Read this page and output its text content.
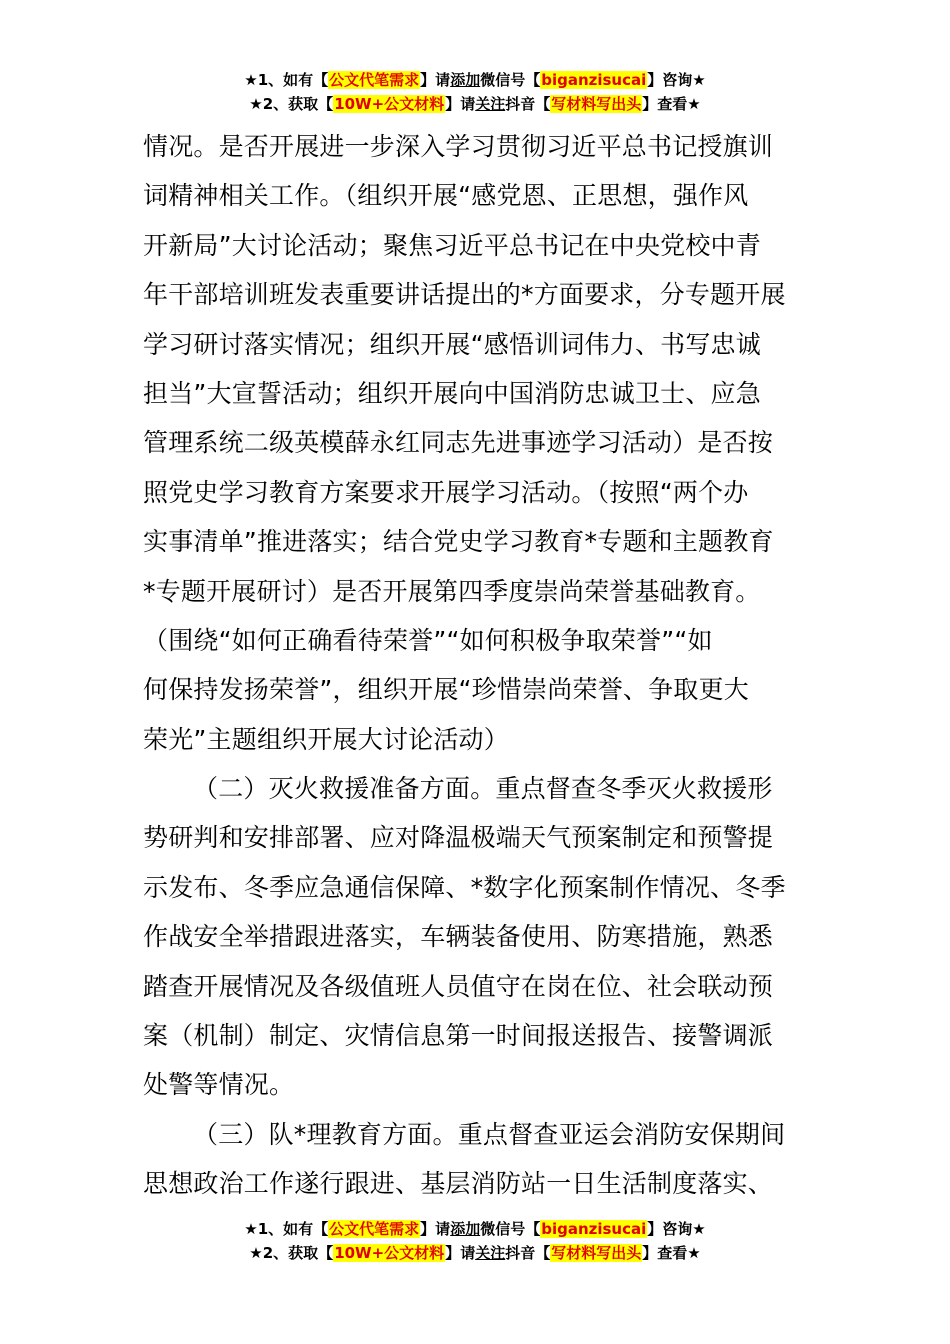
★1、如有【公文代笔需求】请添加微信号【biganzisucai】咨询★
★2、获取【10W+公文材料】请关注抖音【写材料写出头】查看★
情况。是否开展进一步深入学习贯彻习近平总书记授旗训
词精神相关工作。（组织开展“感党恩、正思想，强作风
开新局”大讨论活动；聚焦习近平总书记在中央党校中青
年干部培训班发表重要讲话提出的*方面要求，分专题开展
学习研讨落实情况；组织开展“感悟训词伟力、书写忠诚
担当”大宣誓活动；组织开展向中国消防忠诚卫士、应急
管理系统二级英模薛永红同志先进事迹学习活动）是否按
照党史学习教育方案要求开展学习活动。（按照“两个办
实事清单”推进落实；结合党史学习教育*专题和主题教育
*专题开展研讨）是否开展第四季度崇尚荣誉基础教育。
（围绕“如何正确看待荣誉”“如何积极争取荣誉”“如
何保持发扬荣誉”，组织开展“珍惜崇尚荣誉、争取更大
荣光”主题组织开展大讨论活动）
（二）灭火救援准备方面。重点督查冬季灭火救援形
势研判和安排部署、应对降温极端天气预案制定和预警提
示发布、冬季应急通信保障、*数字化预案制作情况、冬季
作战安全举措跟进落实，车辆装备使用、防寒措施，熟悉
踏查开展情况及各级值班人员值守在岗在位、社会联动预
案（机制）制定、灾情信息第一时间报送报告、接警调派
处警等情况。
（三）队*理教育方面。重点督查亚运会消防安保期间
思想政治工作遂行跟进、基层消防站一日生活制度落实、
★1、如有【公文代笔需求】请添加微信号【biganzisucai】咨询★
★2、获取【10W+公文材料】请关注抖音【写材料写出头】查看★
